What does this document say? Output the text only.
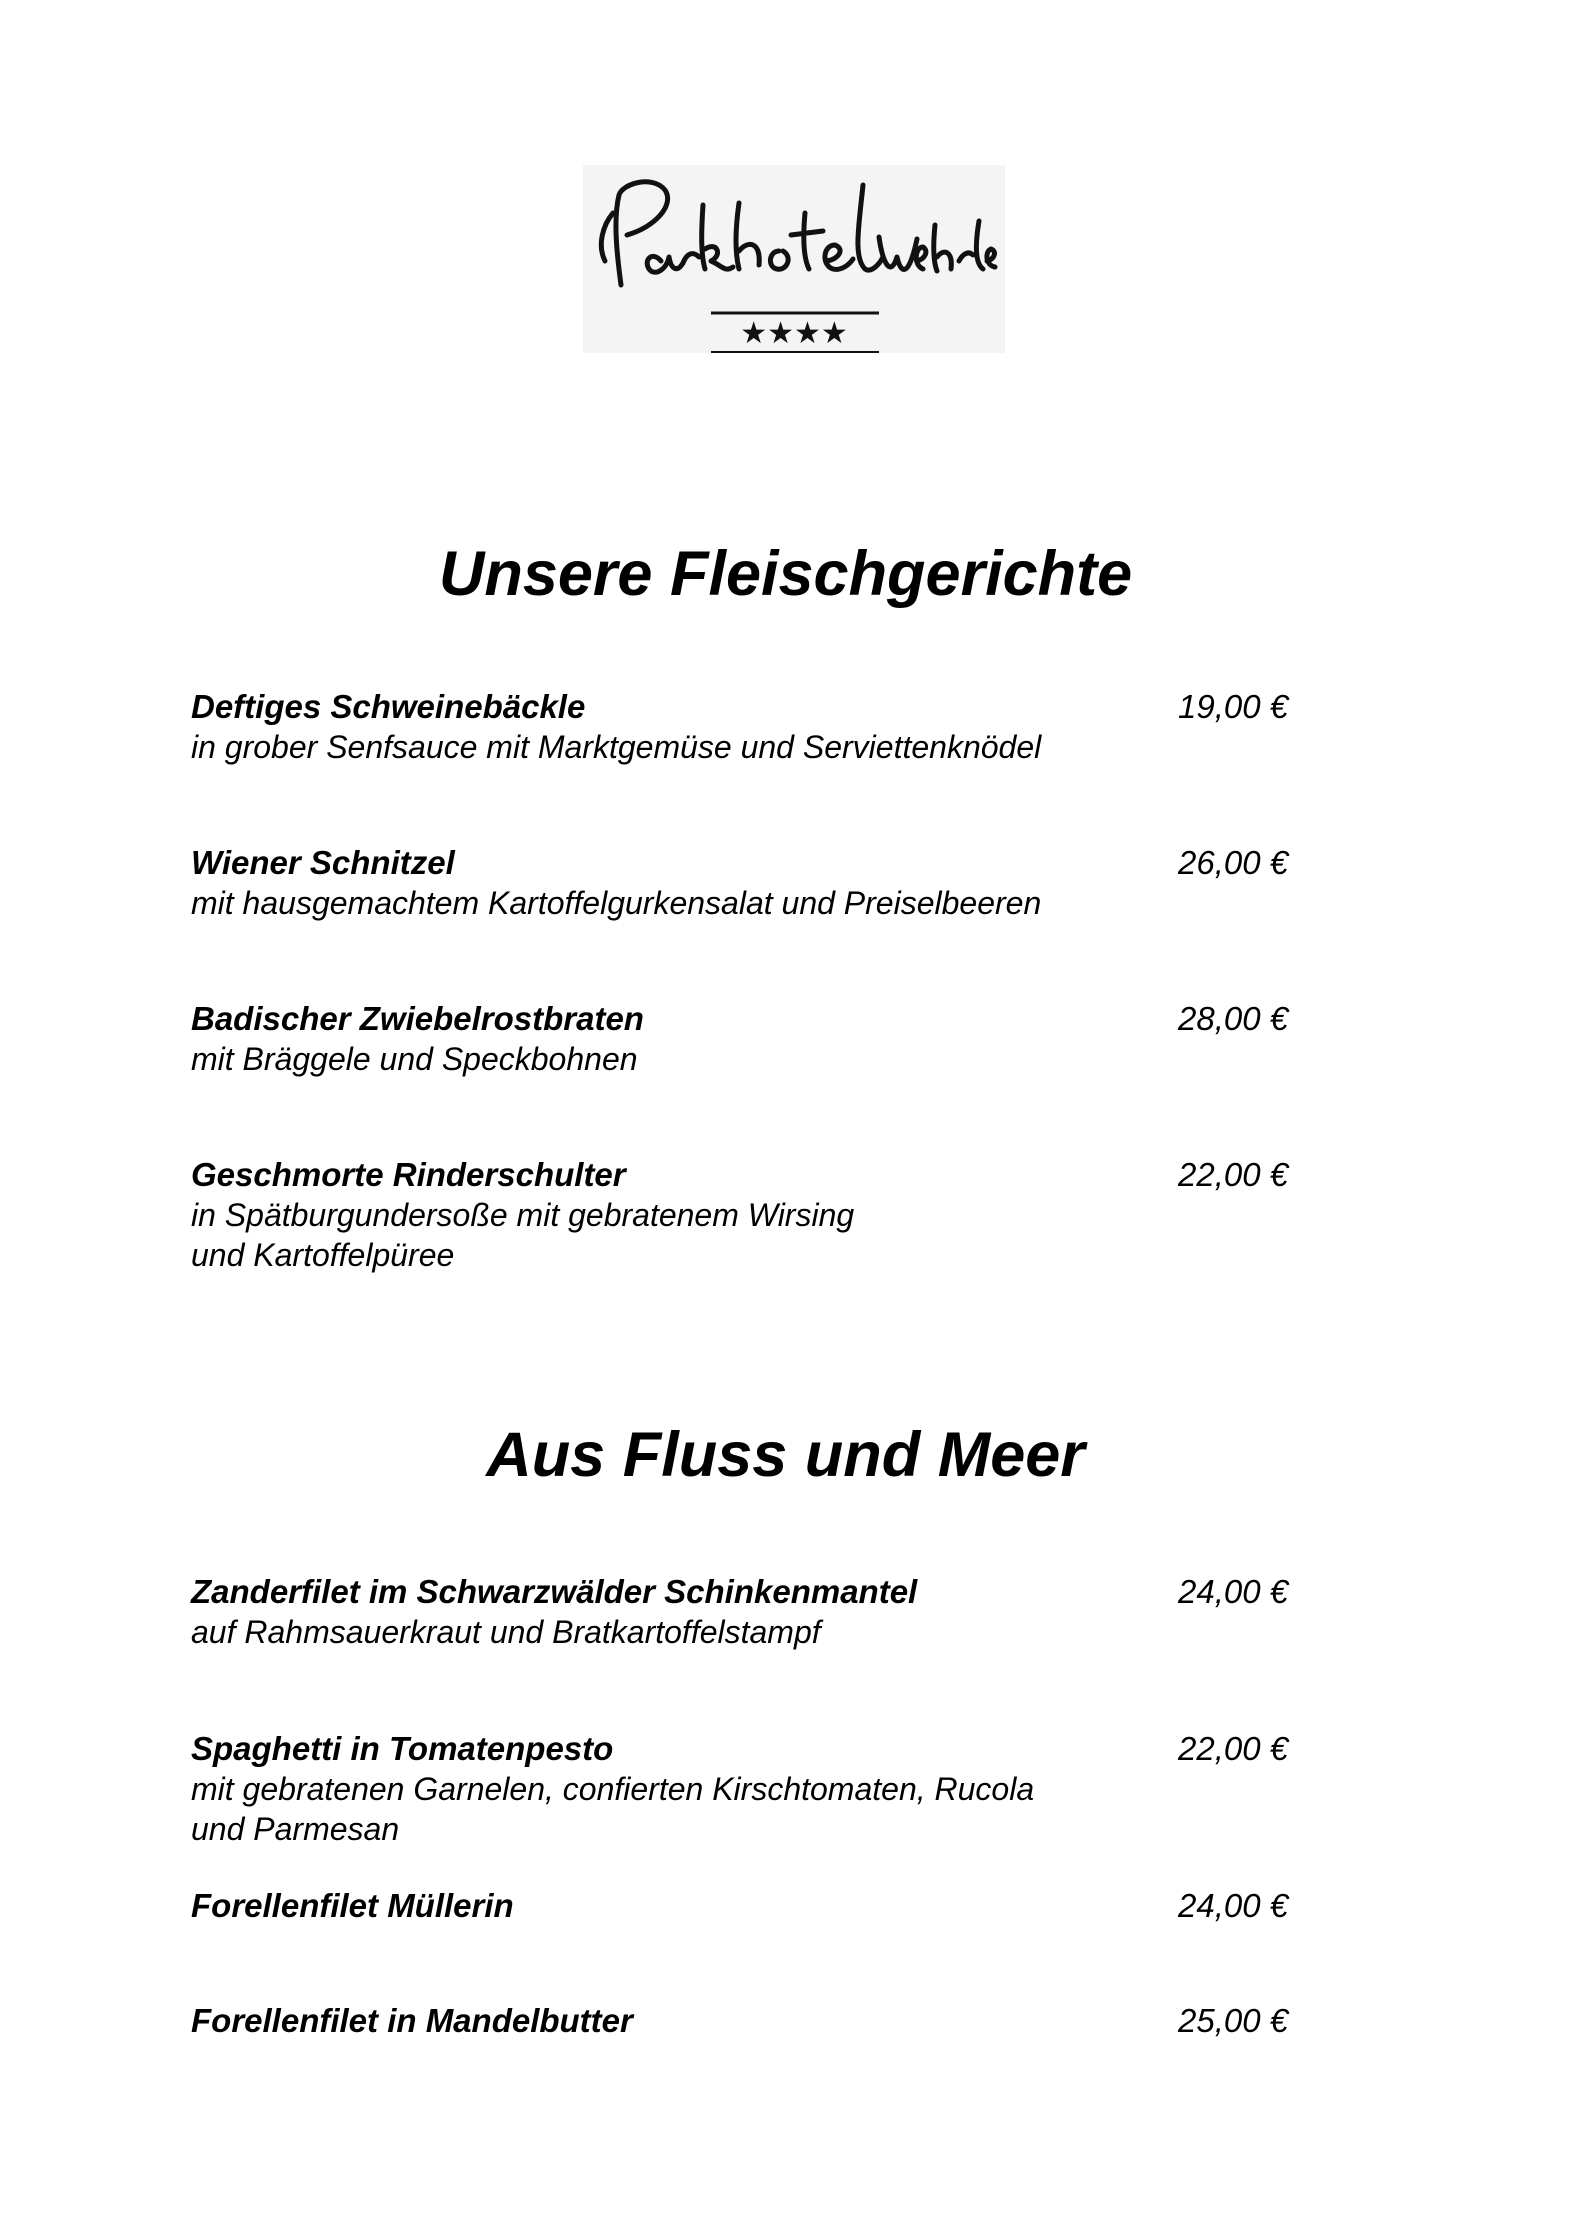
★★★★
Unsere Fleischgerichte
Deftiges Schweinebäckle	19,00 €
in grober Senfsauce mit Marktgemüse und Serviettenknödel
Wiener Schnitzel	26,00 €
mit hausgemachtem Kartoffelgurkensalat und Preiselbeeren
Badischer Zwiebelrostbraten	28,00 €
mit Bräggele und Speckbohnen
Geschmorte Rinderschulter	22,00 €
in Spätburgundersoße mit gebratenem Wirsing
und Kartoffelpüree
Aus Fluss und Meer
Zanderfilet im Schwarzwälder Schinkenmantel	24,00 €
auf Rahmsauerkraut und Bratkartoffelstampf
Spaghetti in Tomatenpesto	22,00 €
mit gebratenen Garnelen, confierten Kirschtomaten, Rucola
und Parmesan
Forellenfilet Müllerin	24,00 €
Forellenfilet in Mandelbutter	25,00 €
